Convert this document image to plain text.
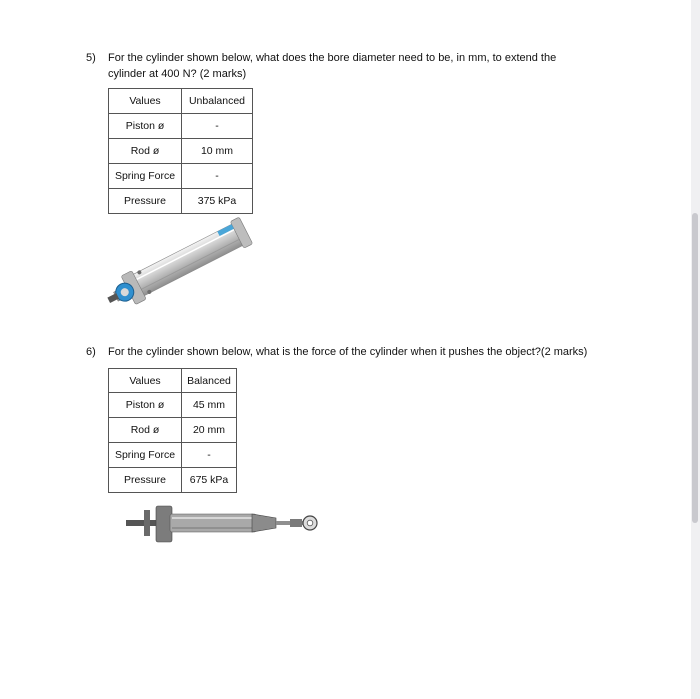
5) For the cylinder shown below, what does the bore diameter need to be, in mm, to extend the
cylinder at 400 N? (2 marks)
Values	Unbalanced
Piston ø	-
Rod ø	10 mm
Spring Force	-
Pressure	375 kPa
6) For the cylinder shown below, what is the force of the cylinder when it pushes the object?(2 marks)
Values	Balanced
Piston ø	45 mm
Rod ø	20 mm
Spring Force	-
Pressure	675 kPa
